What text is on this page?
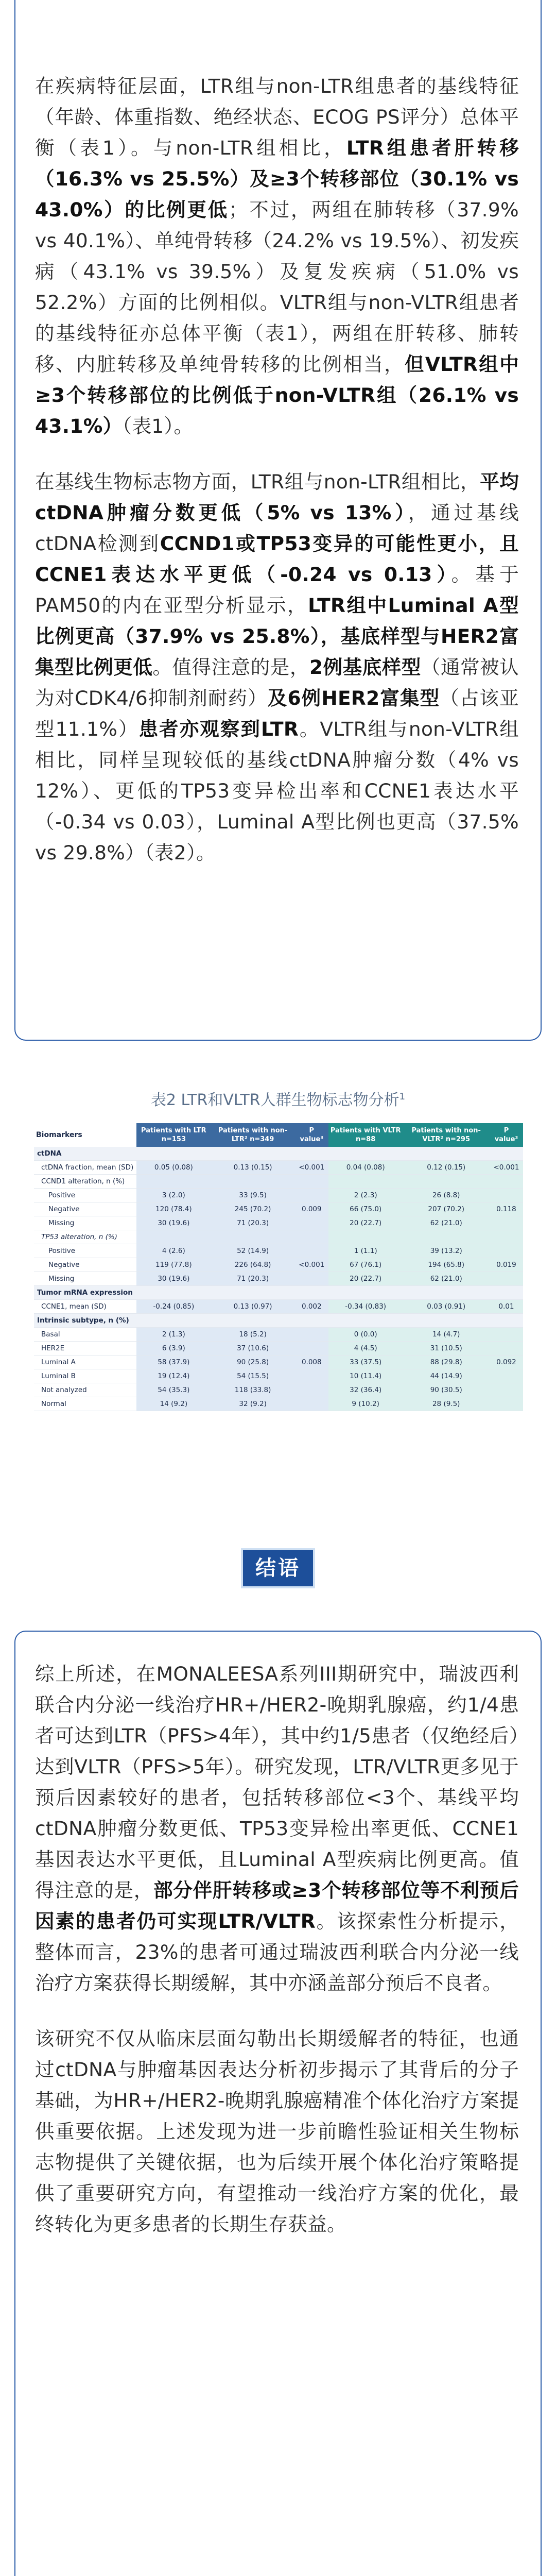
在疾病特征层面，LTR组与non-LTR组患者的基线特征（年龄、体重指数、绝经状态、ECOG PS评分）总体平衡（表1）。与non-LTR组相比，LTR组患者肝转移（16.3% vs 25.5%）及≥3个转移部位（30.1% vs 43.0%）的比例更低；不过，两组在肺转移（37.9% vs 40.1%）、单纯骨转移（24.2% vs 19.5%）、初发疾病（43.1% vs 39.5%）及复发疾病（51.0% vs 52.2%）方面的比例相似。VLTR组与non-VLTR组患者的基线特征亦总体平衡（表1），两组在肝转移、肺转移、内脏转移及单纯骨转移的比例相当，但VLTR组中≥3个转移部位的比例低于non-VLTR组（26.1% vs 43.1%）（表1）。

在基线生物标志物方面，LTR组与non-LTR组相比，平均ctDNA肿瘤分数更低（5% vs 13%），通过基线ctDNA检测到CCND1或TP53变异的可能性更小，且CCNE1表达水平更低（-0.24 vs 0.13）。基于PAM50的内在亚型分析显示，LTR组中Luminal A型比例更高（37.9% vs 25.8%），基底样型与HER2富集型比例更低。值得注意的是，2例基底样型（通常被认为对CDK4/6抑制剂耐药）及6例HER2富集型（占该亚型11.1%）患者亦观察到LTR。VLTR组与non-VLTR组相比，同样呈现较低的基线ctDNA肿瘤分数（4% vs 12%）、更低的TP53变异检出率和CCNE1表达水平（-0.34 vs 0.03），Luminal A型比例也更高（37.5% vs 29.8%）（表2）。

表2 LTR和VLTR人群生物标志物分析$^1$
Biomarkers	Patients with LTR n=153	Patients with non-LTR² n=349	P value³	Patients with VLTR n=88	Patients with non-VLTR² n=295	P value³
ctDNA						
ctDNA fraction, mean (SD)	0.05 (0.08)	0.13 (0.15)	<0.001	0.04 (0.08)	0.12 (0.15)	<0.001
CCND1 alteration, n (%)						
Positive	3 (2.0)	33 (9.5)		2 (2.3)	26 (8.8)	
Negative	120 (78.4)	245 (70.2)	0.009	66 (75.0)	207 (70.2)	0.118
Missing	30 (19.6)	71 (20.3)		20 (22.7)	62 (21.0)	
TP53 alteration, n (%)						
Positive	4 (2.6)	52 (14.9)		1 (1.1)	39 (13.2)	
Negative	119 (77.8)	226 (64.8)	<0.001	67 (76.1)	194 (65.8)	0.019
Missing	30 (19.6)	71 (20.3)		20 (22.7)	62 (21.0)	
Tumor mRNA expression						
CCNE1, mean (SD)	-0.24 (0.85)	0.13 (0.97)	0.002	-0.34 (0.83)	0.03 (0.91)	0.01
Intrinsic subtype, n (%)						
Basal	2 (1.3)	18 (5.2)		0 (0.0)	14 (4.7)	
HER2E	6 (3.9)	37 (10.6)		4 (4.5)	31 (10.5)	
Luminal A	58 (37.9)	90 (25.8)	0.008	33 (37.5)	88 (29.8)	0.092
Luminal B	19 (12.4)	54 (15.5)		10 (11.4)	44 (14.9)	
Not analyzed	54 (35.3)	118 (33.8)		32 (36.4)	90 (30.5)	
Normal	14 (9.2)	32 (9.2)		9 (10.2)	28 (9.5)	
结语

综上所述，在MONALEESA系列III期研究中，瑞波西利联合内分泌一线治疗HR+/HER2-晚期乳腺癌，约1/4患者可达到LTR（PFS>4年），其中约1/5患者（仅绝经后）达到VLTR（PFS>5年）。研究发现，LTR/VLTR更多见于预后因素较好的患者，包括转移部位<3个、基线平均ctDNA肿瘤分数更低、TP53变异检出率更低、CCNE1基因表达水平更低，且Luminal A型疾病比例更高。值得注意的是，部分伴肝转移或≥3个转移部位等不利预后因素的患者仍可实现LTR/VLTR。该探索性分析提示，整体而言，23%的患者可通过瑞波西利联合内分泌一线治疗方案获得长期缓解，其中亦涵盖部分预后不良者。

该研究不仅从临床层面勾勒出长期缓解者的特征，也通过ctDNA与肿瘤基因表达分析初步揭示了其背后的分子基础，为HR+/HER2-晚期乳腺癌精准个体化治疗方案提供重要依据。上述发现为进一步前瞻性验证相关生物标志物提供了关键依据，也为后续开展个体化治疗策略提供了重要研究方向，有望推动一线治疗方案的优化，最终转化为更多患者的长期生存获益。
